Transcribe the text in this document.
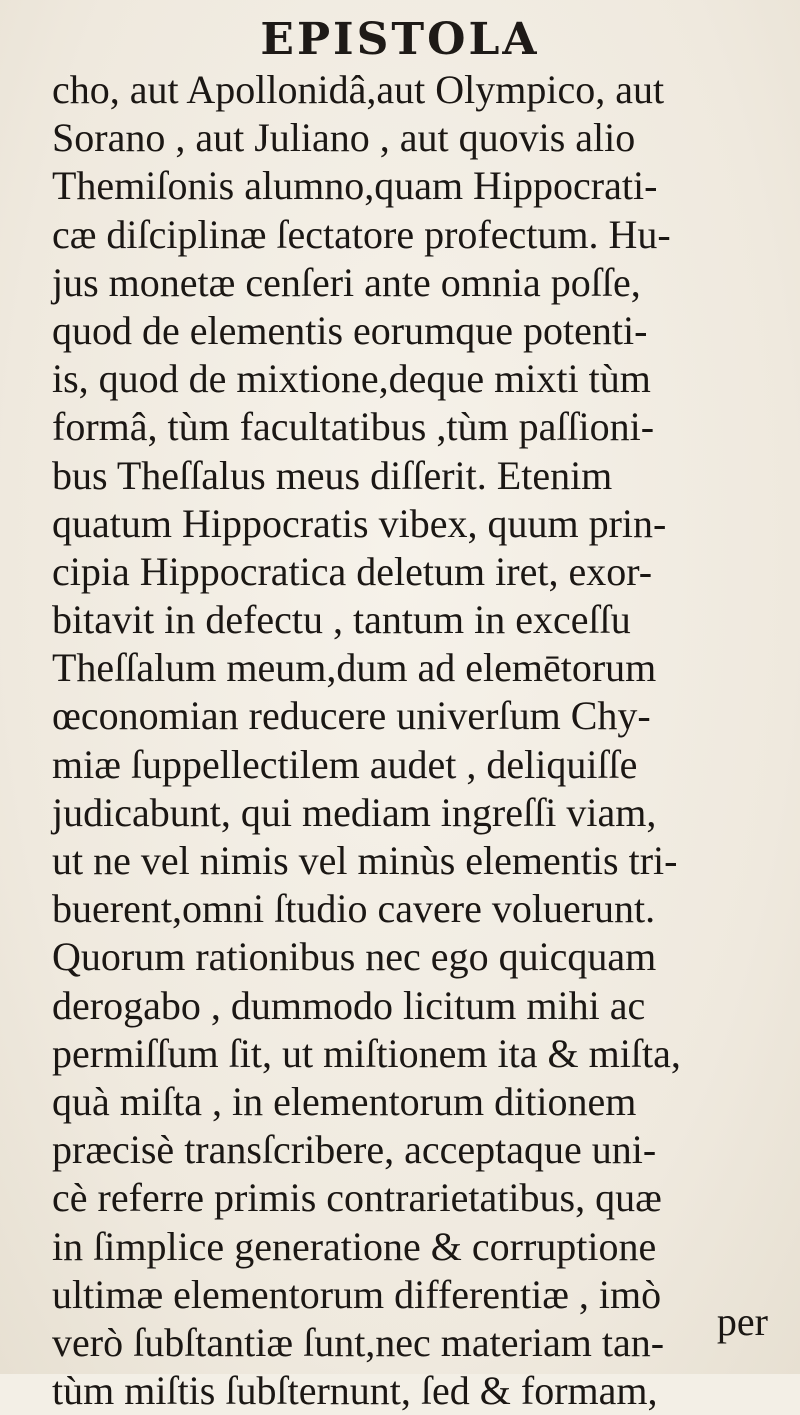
EPISTOLA
cho, aut Apollonidâ,aut Olympico, aut
Sorano , aut Juliano , aut quovis alio
Themiſonis alumno,quam Hippocrati-
cæ diſciplinæ ſectatore profectum. Hu-
jus monetæ cenſeri ante omnia poſſe,
quod de elementis eorumque potenti-
is, quod de mixtione,deque mixti tùm
formâ, tùm facultatibus ,tùm paſſioni-
bus Theſſalus meus diſſerit. Etenim
quatum Hippocratis vibex, quum prin-
cipia Hippocratica deletum iret, exor-
bitavit in defectu , tantum in exceſſu
Theſſalum meum,dum ad elemētorum
œconomian reducere univerſum Chy-
miæ ſuppellectilem audet , deliquiſſe
judicabunt, qui mediam ingreſſi viam,
ut ne vel nimis vel minùs elementis tri-
buerent,omni ſtudio cavere voluerunt.
Quorum rationibus nec ego quicquam
derogabo , dummodo licitum mihi ac
permiſſum ſit, ut miſtionem ita & miſta,
quà miſta , in elementorum ditionem
præcisè transſcribere, acceptaque uni-
cè referre primis contrarietatibus, quæ
in ſimplice generatione & corruptione
ultimæ elementorum differentiæ , imò
verò ſubſtantiæ ſunt,nec materiam tan-
tùm miſtis ſubſternunt, ſed & formam,
per
